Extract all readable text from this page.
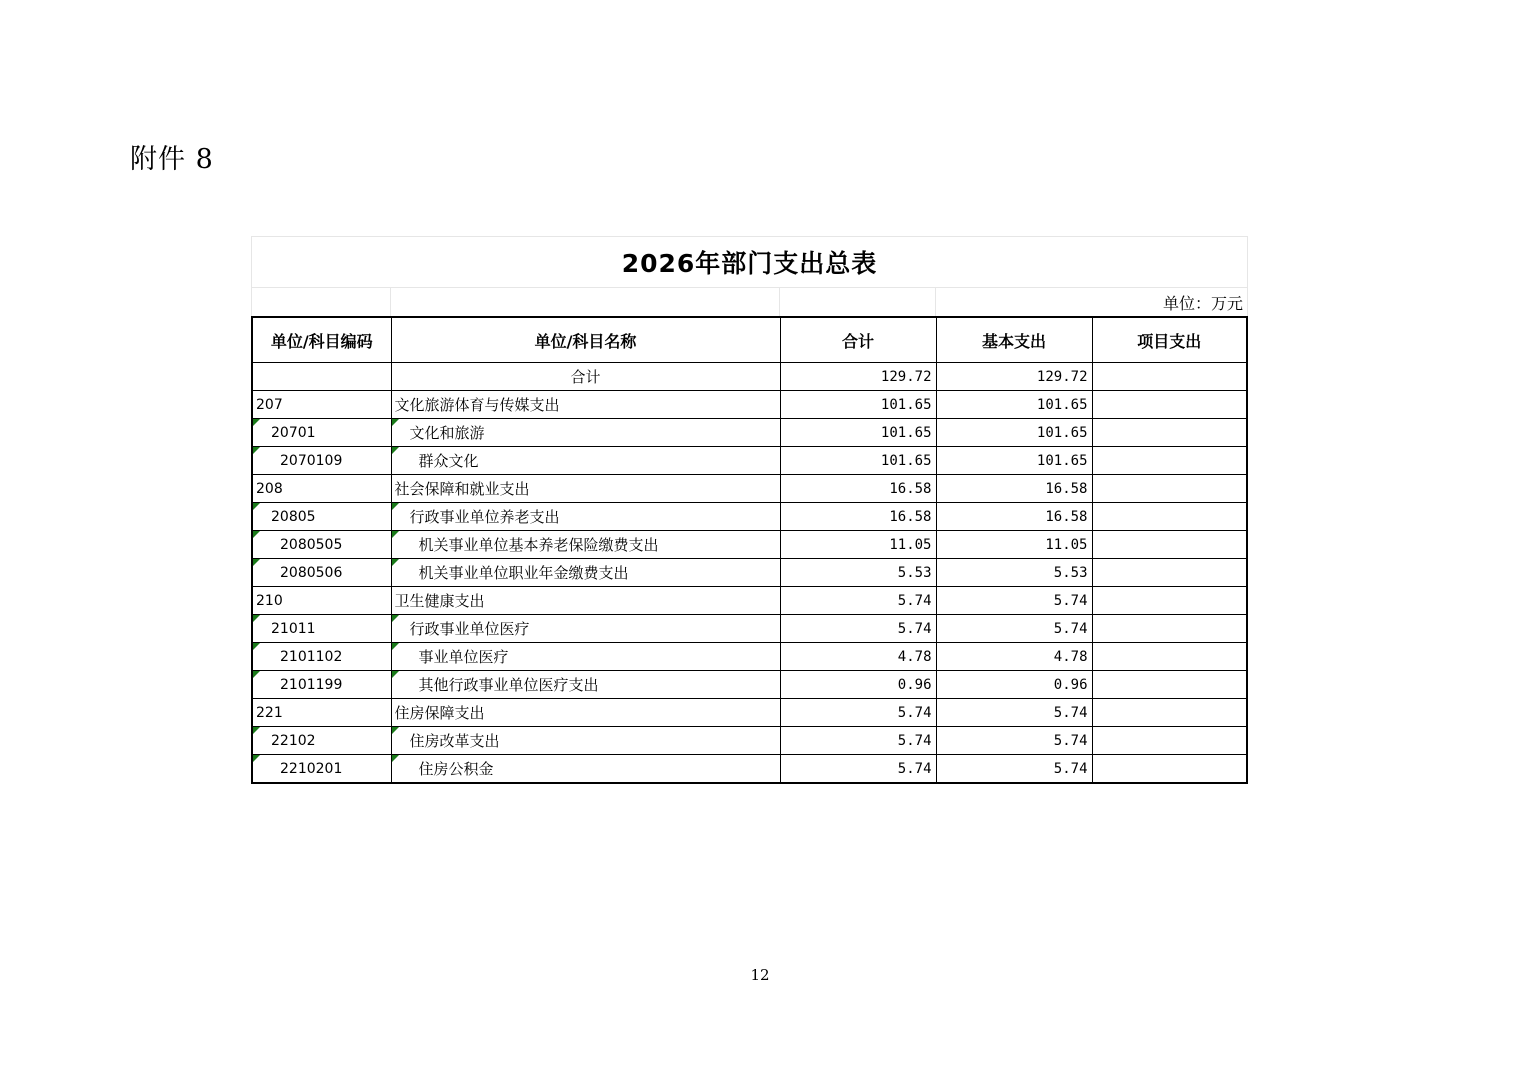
附件 8
2026年部门支出总表
单位：万元
单位/科目编码	单位/科目名称	合计	基本支出	项目支出
	合计	129.72	129.72	
207	文化旅游体育与传媒支出	101.65	101.65	
20701	文化和旅游	101.65	101.65	
2070109	群众文化	101.65	101.65	
208	社会保障和就业支出	16.58	16.58	
20805	行政事业单位养老支出	16.58	16.58	
2080505	机关事业单位基本养老保险缴费支出	11.05	11.05	
2080506	机关事业单位职业年金缴费支出	5.53	5.53	
210	卫生健康支出	5.74	5.74	
21011	行政事业单位医疗	5.74	5.74	
2101102	事业单位医疗	4.78	4.78	
2101199	其他行政事业单位医疗支出	0.96	0.96	
221	住房保障支出	5.74	5.74	
22102	住房改革支出	5.74	5.74	
2210201	住房公积金	5.74	5.74	
12
